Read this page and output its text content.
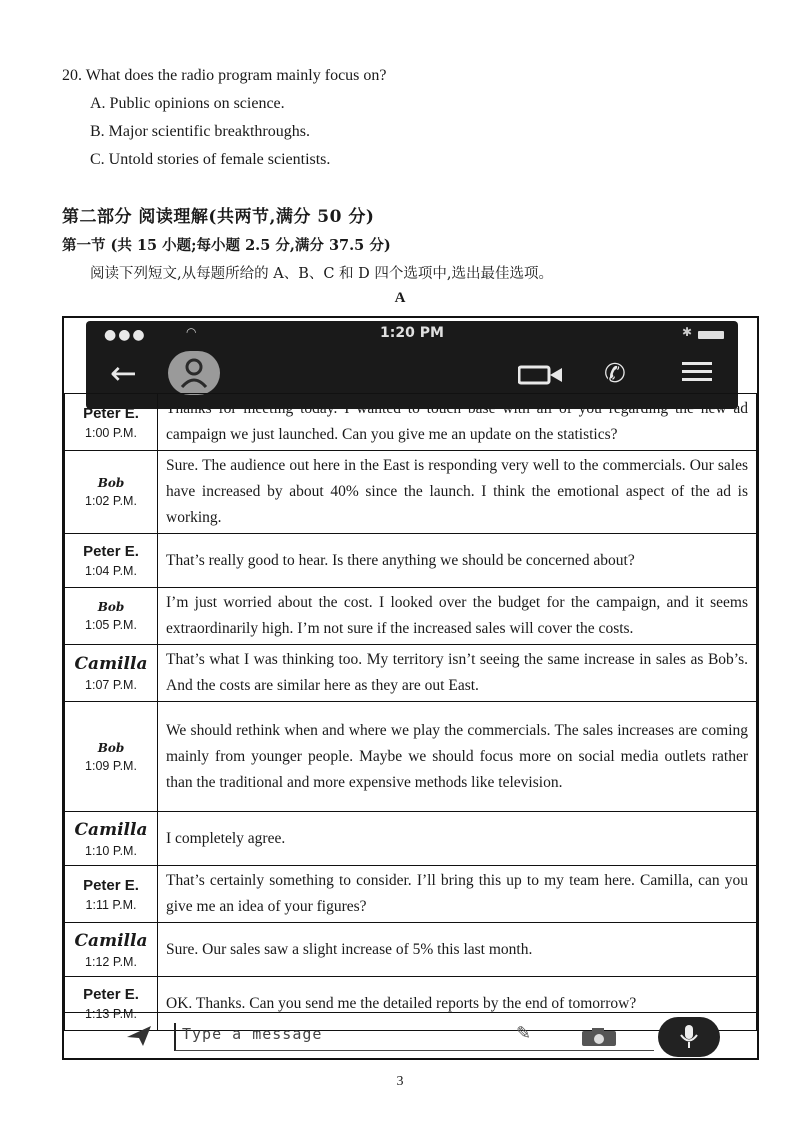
20. What does the radio program mainly focus on?
A. Public opinions on science.
B. Major scientific breakthroughs.
C. Untold stories of female scientists.
第二部分 阅读理解(共两节,满分 50 分)
第一节 (共 15 小题;每小题 2.5 分,满分 37.5 分)
阅读下列短文,从每题所给的 A、B、C 和 D 四个选项中,选出最佳选项。
A
●●●	◠	1:20 PM	✱
←	✆
Peter E.
1:00 P.M.	Thanks for meeting today. I wanted to touch base with all of you regarding the new ad campaign we just launched. Can you give me an update on the statistics?

Bob
1:02 P.M.	Sure. The audience out here in the East is responding very well to the commercials. Our sales have increased by about 40% since the launch. I think the emotional aspect of the ad is working.

Peter E.
1:04 P.M.	That’s really good to hear. Is there anything we should be concerned about?

Bob
1:05 P.M.	I’m just worried about the cost. I looked over the budget for the campaign, and it seems extraordinarily high. I’m not sure if the increased sales will cover the costs.

Camilla
1:07 P.M.	That’s what I was thinking too. My territory isn’t seeing the same increase in sales as Bob’s. And the costs are similar here as they are out East.

Bob
1:09 P.M.	We should rethink when and where we play the commercials. The sales increases are coming mainly from younger people. Maybe we should focus more on social media outlets rather than the traditional and more expensive methods like television.

Camilla
1:10 P.M.	I completely agree.

Peter E.
1:11 P.M.	That’s certainly something to consider. I’ll bring this up to my team here. Camilla, can you give me an idea of your figures?

Camilla
1:12 P.M.	Sure. Our sales saw a slight increase of 5% this last month.

Peter E.
1:13 P.M.	OK. Thanks. Can you send me the detailed reports by the end of tomorrow?
Type a message	✎
3
